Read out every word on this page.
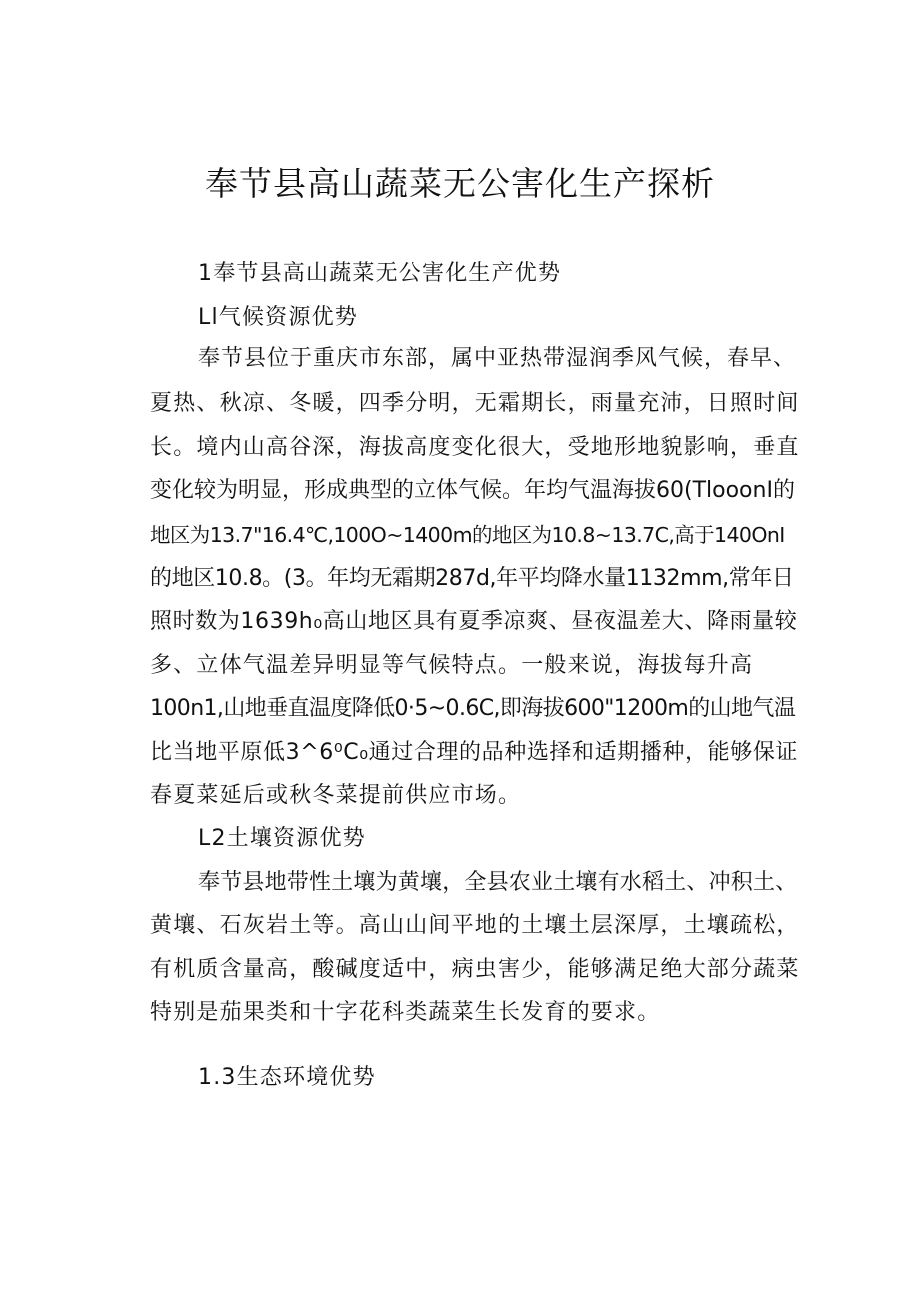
奉节县高山蔬菜无公害化生产探析
1奉节县高山蔬菜无公害化生产优势
Ll气候资源优势
奉节县位于重庆市东部，属中亚热带湿润季风气候，春早、
夏热、秋凉、冬暖，四季分明，无霜期长，雨量充沛，日照时间
长。境内山高谷深，海拔高度变化很大，受地形地貌影响，垂直
变化较为明显，形成典型的立体气候。年均气温海拔60(TlooonI的
地区为13.7"16.4℃,100O~1400m的地区为10.8~13.7C,高于140OnI
的地区10.8。(3。年均无霜期287d,年平均降水量1132mm,常年日
照时数为1639h₀高山地区具有夏季凉爽、昼夜温差大、降雨量较
多、立体气温差异明显等气候特点。一般来说，海拔每升高
100n1,山地垂直温度降低0·5~0.6C,即海拔600"1200m的山地气温
比当地平原低3^6⁰C₀通过合理的品种选择和适期播种，能够保证
春夏菜延后或秋冬菜提前供应市场。
L2土壤资源优势
奉节县地带性土壤为黄壤，全县农业土壤有水稻土、冲积土、
黄壤、石灰岩土等。高山山间平地的土壤土层深厚，土壤疏松，
有机质含量高，酸碱度适中，病虫害少，能够满足绝大部分蔬菜
特别是茄果类和十字花科类蔬菜生长发育的要求。
1.3生态环境优势
